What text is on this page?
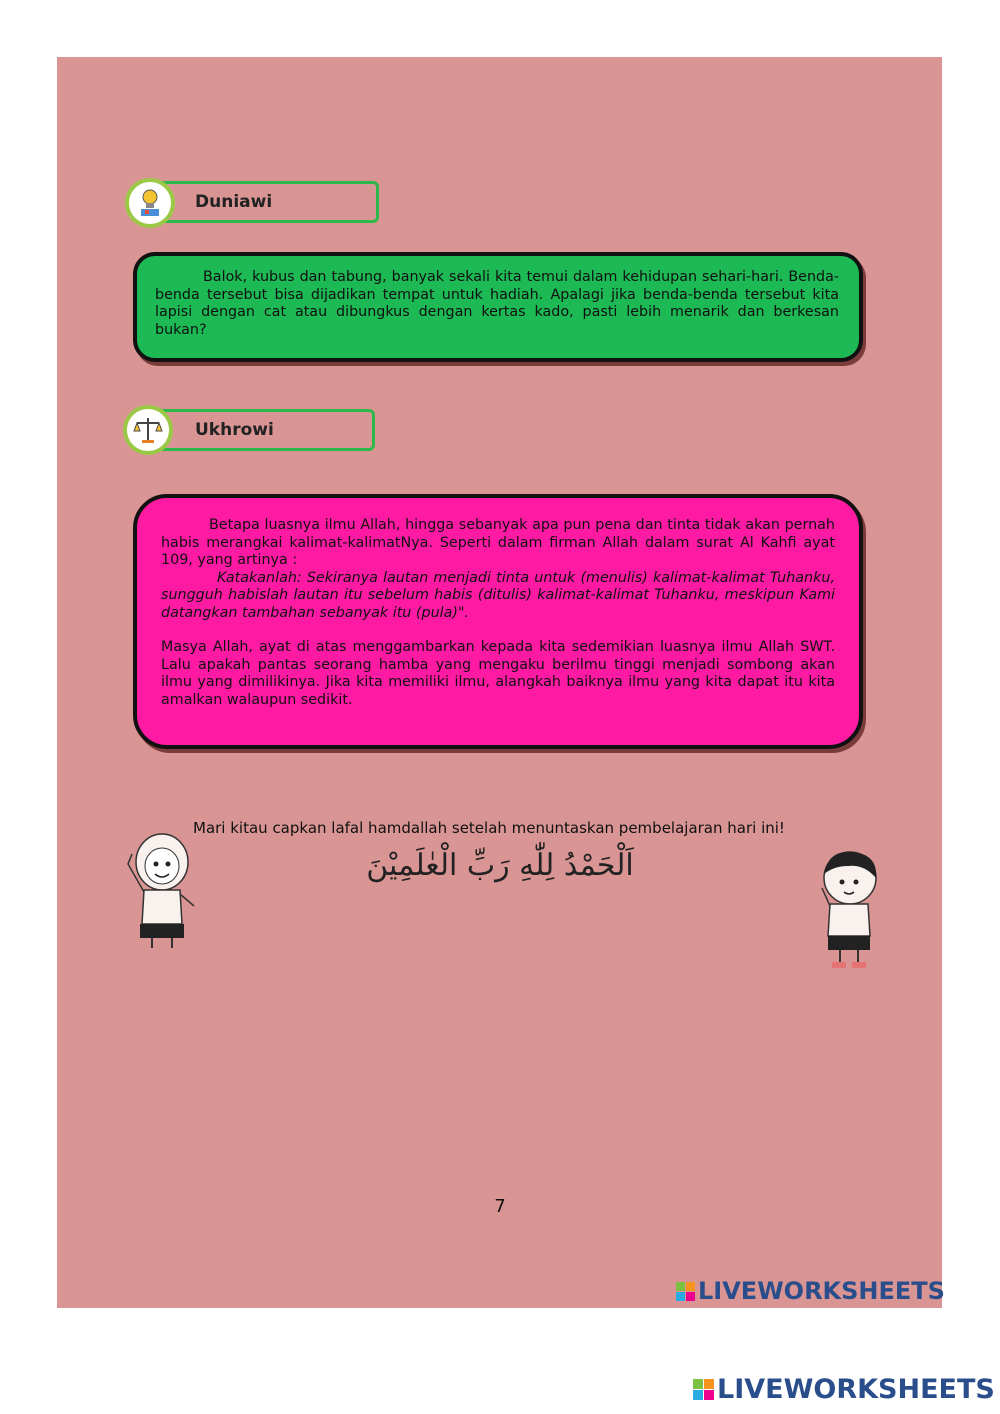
Duniawi

Balok, kubus dan tabung, banyak sekali kita temui dalam kehidupan sehari-hari. Benda-benda tersebut bisa dijadikan tempat untuk hadiah. Apalagi jika benda-benda tersebut kita lapisi dengan cat atau dibungkus dengan kertas kado, pasti lebih menarik dan berkesan bukan?

Ukhrowi

Betapa luasnya ilmu Allah, hingga sebanyak apa pun pena dan tinta tidak akan pernah habis merangkai kalimat-kalimatNya. Seperti dalam firman Allah dalam surat Al Kahfi ayat 109, yang artinya :

Katakanlah: Sekiranya lautan menjadi tinta untuk (menulis) kalimat-kalimat Tuhanku, sungguh habislah lautan itu sebelum habis (ditulis) kalimat-kalimat Tuhanku, meskipun Kami datangkan tambahan sebanyak itu (pula)".

Masya Allah, ayat di atas menggambarkan kepada kita sedemikian luasnya ilmu Allah SWT. Lalu apakah pantas seorang hamba yang mengaku berilmu tinggi menjadi sombong akan ilmu yang dimilikinya. Jika kita memiliki ilmu, alangkah baiknya ilmu yang kita dapat itu kita amalkan walaupun sedikit.

Mari kitau capkan lafal hamdallah setelah menuntaskan pembelajaran hari ini!
اَلْحَمْدُ لِلّٰهِ رَبِّ الْعٰلَمِيْنَ
7
LIVEWORKSHEETS
LIVEWORKSHEETS
